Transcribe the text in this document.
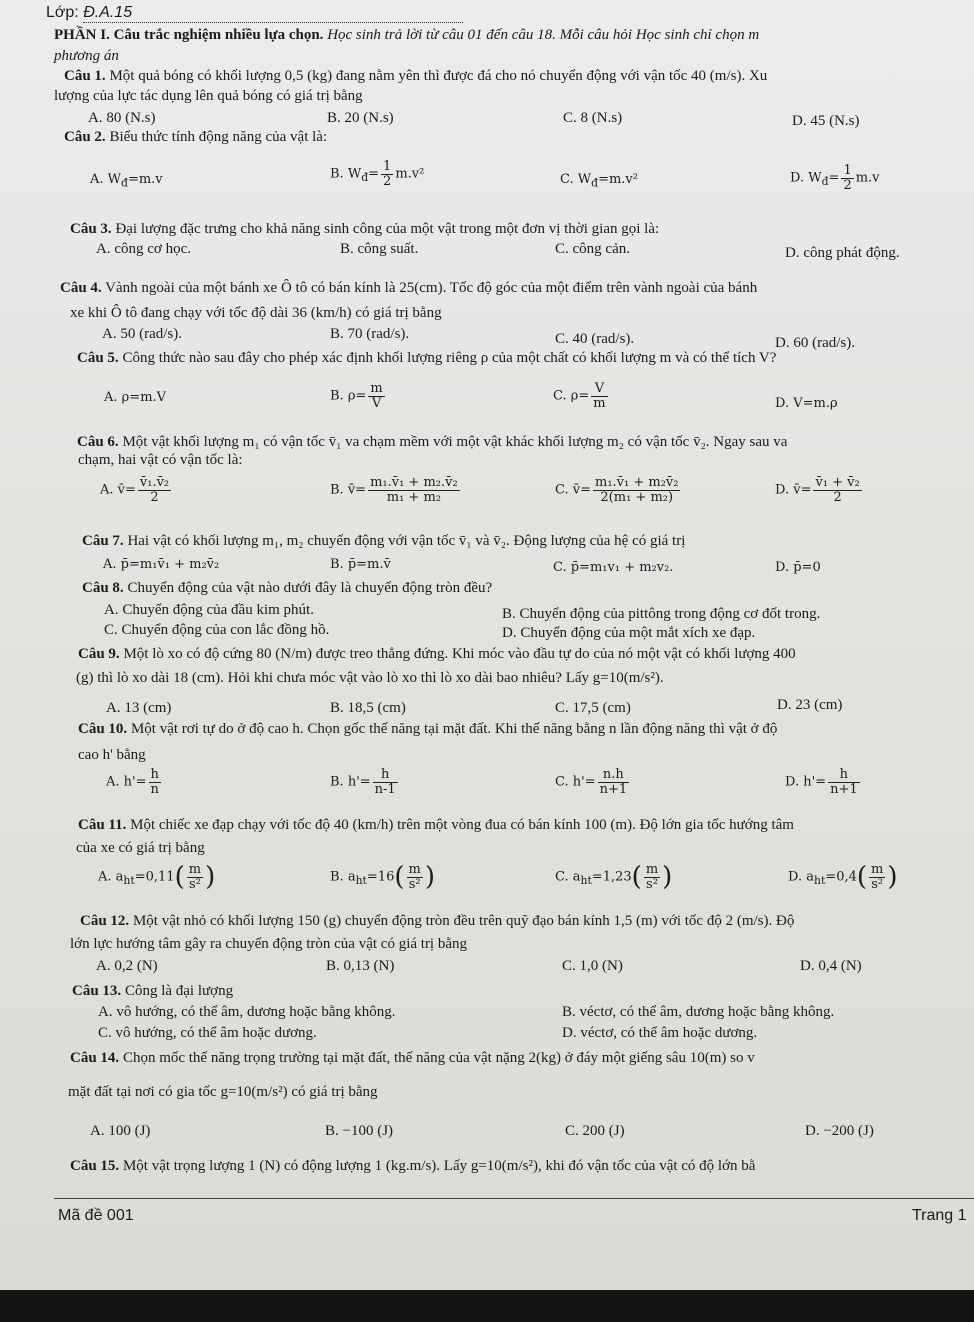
Lớp: Đ.A.15
PHẦN I. Câu trắc nghiệm nhiều lựa chọn. Học sinh trả lời từ câu 01 đến câu 18. Mỗi câu hỏi Học sinh chỉ chọn m
phương án
Câu 1. Một quả bóng có khối lượng 0,5 (kg) đang nằm yên thì được đá cho nó chuyển động với vận tốc 40 (m/s). Xu
lượng của lực tác dụng lên quả bóng có giá trị bằng
A. 80 (N.s)	B. 20 (N.s)	C. 8 (N.s)	D. 45 (N.s)
Câu 2. Biểu thức tính động năng của vật là:
A. $W_đ=m.v$	B. $W_đ= \frac{1}{2} m.v^2$	C. $W_đ=m.v^2$	D. $W_đ= \frac{1}{2} m.v$
Câu 3. Đại lượng đặc trưng cho khả năng sinh công của một vật trong một đơn vị thời gian gọi là:
A. công cơ học.	B. công suất.	C. công cản.	D. công phát động.
Câu 4. Vành ngoài của một bánh xe Ô tô có bán kính là 25(cm). Tốc độ góc của một điểm trên vành ngoài của bánh
xe khi Ô tô đang chạy với tốc độ dài 36 (km/h) có giá trị bằng
A. 50 (rad/s).	B. 70 (rad/s).	C. 40 (rad/s).	D. 60 (rad/s).
Câu 5. Công thức nào sau đây cho phép xác định khối lượng riêng ρ của một chất có khối lượng m và có thể tích V?
A. ρ=m.V	B. $\rho= \frac{m}{V}$	C. $\rho= \frac{V}{m}$	D. V=m.ρ
Câu 6. Một vật khối lượng m₁ có vận tốc v̄₁ va chạm mềm với một vật khác khối lượng m₂ có vận tốc v̄₂. Ngay sau va
chạm, hai vật có vận tốc là:
A. v̄= $\frac{\text{v̄₁.v̄₂}}{2}$	B. v̄= $\frac{\text{m₁.v̄₁ + m₂.v̄₂}}{\text{m₁ + m₂}}$	C. v̄= $\frac{\text{m₁.v̄₁ + m₂v̄₂}}{\text{2(m₁ + m₂)}}$	D. v̄= $\frac{\text{v̄₁ + v̄₂}}{2}$
Câu 7. Hai vật có khối lượng m₁, m₂ chuyển động với vận tốc v̄₁ và v̄₂. Động lượng của hệ có giá trị
A. p̄=m₁v̄₁ + m₂v̄₂	B. p̄=m.v̄	C. p̄=m₁v₁ + m₂v₂.	D. p̄=0
Câu 8. Chuyển động của vật nào dưới đây là chuyển động tròn đều?
A. Chuyển động của đầu kim phút.	B. Chuyển động của pittông trong động cơ đốt trong.
C. Chuyển động của con lắc đồng hồ.	D. Chuyển động của một mắt xích xe đạp.
Câu 9. Một lò xo có độ cứng 80 (N/m) được treo thẳng đứng. Khi móc vào đầu tự do của nó một vật có khối lượng 400
(g) thì lò xo dài 18 (cm). Hỏi khi chưa móc vật vào lò xo thì lò xo dài bao nhiêu? Lấy g=10(m/s²).
A. 13 (cm)	B. 18,5 (cm)	C. 17,5 (cm)	D. 23 (cm)
Câu 10. Một vật rơi tự do ở độ cao h. Chọn gốc thế năng tại mặt đất. Khi thế năng bằng n lần động năng thì vật ở độ
cao h' bằng
A. $h'= \frac{h}{n}$	B. $h'= \frac{h}{n-1}$	C. $h'= \frac{n.h}{n+1}$	D. $h'= \frac{h}{n+1}$
Câu 11. Một chiếc xe đạp chạy với tốc độ 40 (km/h) trên một vòng đua có bán kính 100 (m). Độ lớn gia tốc hướng tâm
của xe có giá trị bằng
A. $a_{ht}=0,11( \frac{m}{\text{s²}}$ )	B. $a_{ht}=16( \frac{m}{\text{s²}}$ )	C. $a_{ht}=1,23( \frac{m}{\text{s²}}$ )	D. $a_{ht}=0,4( \frac{m}{\text{s²}}$ )
Câu 12. Một vật nhỏ có khối lượng 150 (g) chuyển động tròn đều trên quỹ đạo bán kính 1,5 (m) với tốc độ 2 (m/s). Độ
lớn lực hướng tâm gây ra chuyển động tròn của vật có giá trị bằng
A. 0,2 (N)	B. 0,13 (N)	C. 1,0 (N)	D. 0,4 (N)
Câu 13. Công là đại lượng
A. vô hướng, có thể âm, dương hoặc bằng không.	B. véctơ, có thể âm, dương hoặc bằng không.
C. vô hướng, có thể âm hoặc dương.	D. véctơ, có thể âm hoặc dương.
Câu 14. Chọn mốc thế năng trọng trường tại mặt đất, thế năng của vật nặng 2(kg) ở đáy một giếng sâu 10(m) so v
mặt đất tại nơi có gia tốc g=10(m/s²) có giá trị bằng
A. 100 (J)	B. −100 (J)	C. 200 (J)	D. −200 (J)
Câu 15. Một vật trọng lượng 1 (N) có động lượng 1 (kg.m/s). Lấy g=10(m/s²), khi đó vận tốc của vật có độ lớn bằ
Mã đề 001	Trang 1
